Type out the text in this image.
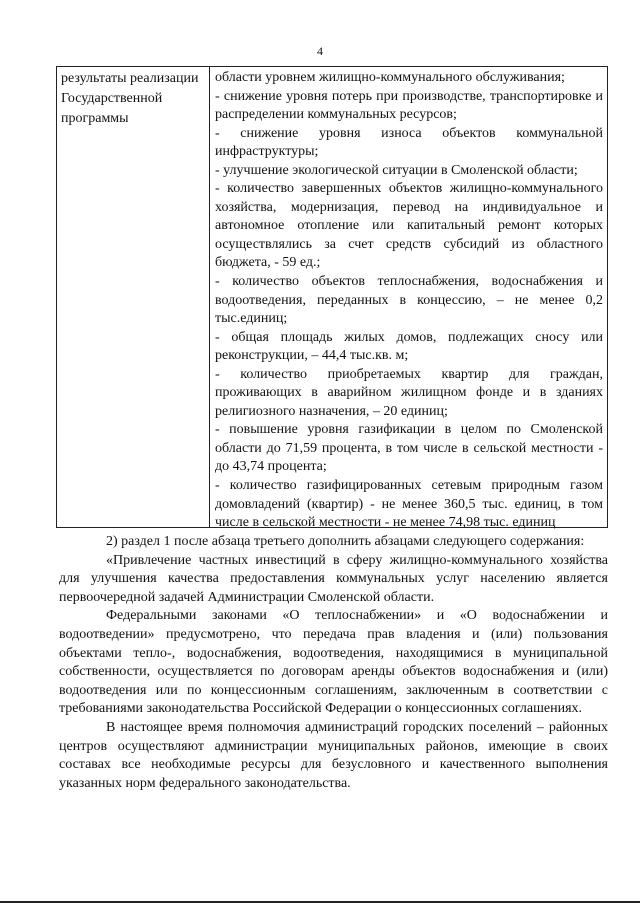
4
результаты реализации Государственной программы

области уровнем жилищно-коммунального обслуживания;

- снижение уровня потерь при производстве, транспортировке и распределении коммунальных ресурсов;

- снижение уровня износа объектов коммунальной инфраструктуры;

- улучшение экологической ситуации в Смоленской области;

- количество завершенных объектов жилищно-коммунального хозяйства, модернизация, перевод на индивидуальное и автономное отопление или капитальный ремонт которых осуществлялись за счет средств субсидий из областного бюджета, - 59 ед.;

- количество объектов теплоснабжения, водоснабжения и водоотведения, переданных в концессию, – не менее 0,2 тыс.единиц;

- общая площадь жилых домов, подлежащих сносу или реконструкции, – 44,4 тыс.кв. м;

- количество приобретаемых квартир для граждан, проживающих в аварийном жилищном фонде и в зданиях религиозного назначения, – 20 единиц;

- повышение уровня газификации в целом по Смоленской области до 71,59 процента, в том числе в сельской местности - до 43,74 процента;

- количество газифицированных сетевым природным газом домовладений (квартир) - не менее 360,5 тыс. единиц, в том числе в сельской местности - не менее 74,98 тыс. единиц

2) раздел 1 после абзаца третьего дополнить абзацами следующего содержания:

«Привлечение частных инвестиций в сферу жилищно-коммунального хозяйства для улучшения качества предоставления коммунальных услуг населению является первоочередной задачей Администрации Смоленской области.

Федеральными законами «О теплоснабжении» и «О водоснабжении и водоотведении» предусмотрено, что передача прав владения и (или) пользования объектами тепло-, водоснабжения, водоотведения, находящимися в муниципальной собственности, осуществляется по договорам аренды объектов водоснабжения и (или) водоотведения или по концессионным соглашениям, заключенным в соответствии с требованиями законодательства Российской Федерации о концессионных соглашениях.

В настоящее время полномочия администраций городских поселений – районных центров осуществляют администрации муниципальных районов, имеющие в своих составах все необходимые ресурсы для безусловного и качественного выполнения указанных норм федерального законодательства.
